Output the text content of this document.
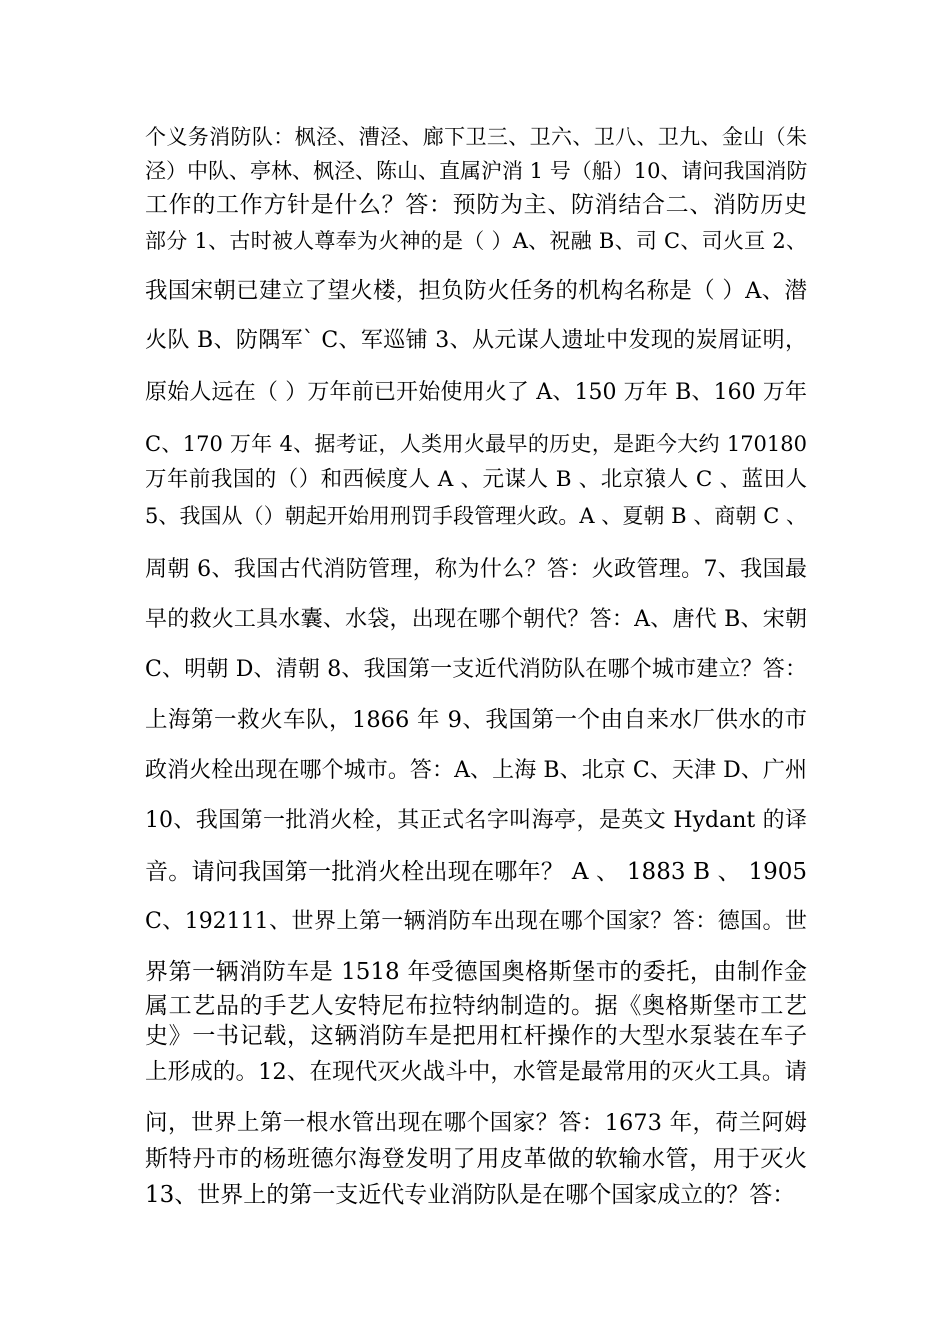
个义务消防队：枫泾、漕泾、廊下卫三、卫六、卫八、卫九、金山（朱
泾）中队、亭林、枫泾、陈山、直属沪消 1 号（船）10、请问我国消防
工作的工作方针是什么？答：预防为主、防消结合二、消防历史
部分 1、古时被人尊奉为火神的是（ ）A、祝融 B、司 C、司火亘 2、
我国宋朝已建立了望火楼，担负防火任务的机构名称是（ ）A、潜
火队 B、防隅军` C、军巡铺 3、从元谋人遗址中发现的炭屑证明，
原始人远在（ ）万年前已开始使用火了 A、150 万年 B、160 万年
C、170 万年 4、据考证，人类用火最早的历史，是距今大约 170180
万年前我国的（）和西候度人 A 、元谋人 B 、北京猿人 C 、蓝田人
5、我国从（）朝起开始用刑罚手段管理火政。A 、夏朝 B 、商朝 C 、
周朝 6、我国古代消防管理，称为什么？答：火政管理。7、我国最
早的救火工具水囊、水袋，出现在哪个朝代？答：A、唐代 B、宋朝
C、明朝 D、清朝 8、我国第一支近代消防队在哪个城市建立？答：
上海第一救火车队，1866 年 9、我国第一个由自来水厂供水的市
政消火栓出现在哪个城市。答：A、上海 B、北京 C、天津 D、广州
10、我国第一批消火栓，其正式名字叫海亭，是英文 Hydant 的译
音。请问我国第一批消火栓出现在哪年？ A 、 1883 B 、 1905
C、192111、世界上第一辆消防车出现在哪个国家？答：德国。世
界第一辆消防车是 1518 年受德国奥格斯堡市的委托，由制作金
属工艺品的手艺人安特尼布拉特纳制造的。据《奥格斯堡市工艺
史》一书记载，这辆消防车是把用杠杆操作的大型水泵装在车子
上形成的。12、在现代灭火战斗中，水管是最常用的灭火工具。请
问，世界上第一根水管出现在哪个国家？答：1673 年，荷兰阿姆
斯特丹市的杨班德尔海登发明了用皮革做的软输水管，用于灭火
13、世界上的第一支近代专业消防队是在哪个国家成立的？答：
